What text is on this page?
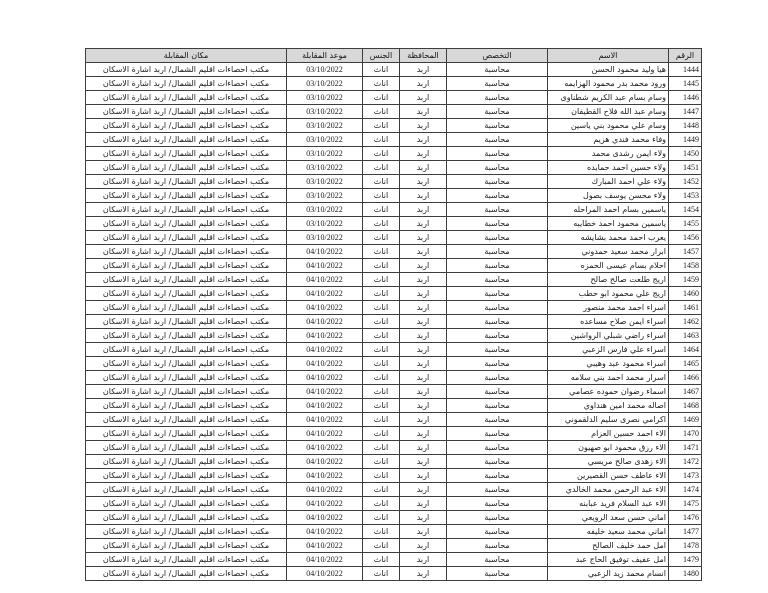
الرقم	الاسم	التخصص	المحافظة	الجنس	موعد المقابلة	مكان المقابلة
1444	هيا وليد محمود الحسن	محاسبة	اربد	اناث	03/10/2022	مكتب احصاءات اقليم الشمال/ اربد اشارة الاسكان
1445	ورود محمد بدر محمود الهزايمه	محاسبة	اربد	اناث	03/10/2022	مكتب احصاءات اقليم الشمال/ اربد اشارة الاسكان
1446	وسام بسام عبد الكريم شطناوى	محاسبة	اربد	اناث	03/10/2022	مكتب احصاءات اقليم الشمال/ اربد اشارة الاسكان
1447	وسام عبد الله فلاح القطيفان	محاسبة	اربد	اناث	03/10/2022	مكتب احصاءات اقليم الشمال/ اربد اشارة الاسكان
1448	وسام علي محمود بني ياسين	محاسبة	اربد	اناث	03/10/2022	مكتب احصاءات اقليم الشمال/ اربد اشارة الاسكان
1449	وفاء محمد فندي هزيم	محاسبة	اربد	اناث	03/10/2022	مكتب احصاءات اقليم الشمال/ اربد اشارة الاسكان
1450	ولاء ايمن رشدى محمد	محاسبة	اربد	اناث	03/10/2022	مكتب احصاءات اقليم الشمال/ اربد اشارة الاسكان
1451	ولاء حسين احمد حمايده	محاسبة	اربد	اناث	03/10/2022	مكتب احصاءات اقليم الشمال/ اربد اشارة الاسكان
1452	ولاء علي احمد المبارك	محاسبة	اربد	اناث	03/10/2022	مكتب احصاءات اقليم الشمال/ اربد اشارة الاسكان
1453	ولاء محسن يوسف بصول	محاسبة	اربد	اناث	03/10/2022	مكتب احصاءات اقليم الشمال/ اربد اشارة الاسكان
1454	ياسمين بسام احمد المراحله	محاسبة	اربد	اناث	03/10/2022	مكتب احصاءات اقليم الشمال/ اربد اشارة الاسكان
1455	ياسمين محمود احمد خطايبه	محاسبة	اربد	اناث	03/10/2022	مكتب احصاءات اقليم الشمال/ اربد اشارة الاسكان
1456	يعرب احمد محمد بشايشه	محاسبة	اربد	اناث	03/10/2022	مكتب احصاءات اقليم الشمال/ اربد اشارة الاسكان
1457	ابرار محمد سعيد حمدوني	محاسبة	اربد	اناث	04/10/2022	مكتب احصاءات اقليم الشمال/ اربد اشارة الاسكان
1458	احلام بسام عيسى الحمزه	محاسبة	اربد	اناث	04/10/2022	مكتب احصاءات اقليم الشمال/ اربد اشارة الاسكان
1459	اريج طلعت صالح صالح	محاسبة	اربد	اناث	04/10/2022	مكتب احصاءات اقليم الشمال/ اربد اشارة الاسكان
1460	اريج علي محمود ابو حطب	محاسبة	اربد	اناث	04/10/2022	مكتب احصاءات اقليم الشمال/ اربد اشارة الاسكان
1461	اسراء احمد محمد منصور	محاسبة	اربد	اناث	04/10/2022	مكتب احصاءات اقليم الشمال/ اربد اشارة الاسكان
1462	اسراء ايمن صلاح مساعده	محاسبة	اربد	اناث	04/10/2022	مكتب احصاءات اقليم الشمال/ اربد اشارة الاسكان
1463	اسراء راضي شبلي الرواشين	محاسبة	اربد	اناث	04/10/2022	مكتب احصاءات اقليم الشمال/ اربد اشارة الاسكان
1464	اسراء علي فارس الزعبي	محاسبة	اربد	اناث	04/10/2022	مكتب احصاءات اقليم الشمال/ اربد اشارة الاسكان
1465	اسراء محمود عبد وهيبي	محاسبة	اربد	اناث	04/10/2022	مكتب احصاءات اقليم الشمال/ اربد اشارة الاسكان
1466	اسرار محمد احمد بني سلامه	محاسبة	اربد	اناث	04/10/2022	مكتب احصاءات اقليم الشمال/ اربد اشارة الاسكان
1467	اسماء رضوان حموده عصامي	محاسبة	اربد	اناث	04/10/2022	مكتب احصاءات اقليم الشمال/ اربد اشارة الاسكان
1468	اصاله محمد امين هنداوي	محاسبة	اربد	اناث	04/10/2022	مكتب احصاءات اقليم الشمال/ اربد اشارة الاسكان
1469	اكرامي نصرى سليم الدلقموني	محاسبة	اربد	اناث	04/10/2022	مكتب احصاءات اقليم الشمال/ اربد اشارة الاسكان
1470	الاء احمد حسين العزام	محاسبة	اربد	اناث	04/10/2022	مكتب احصاءات اقليم الشمال/ اربد اشارة الاسكان
1471	الاء رزق محمود ابو صهيون	محاسبة	اربد	اناث	04/10/2022	مكتب احصاءات اقليم الشمال/ اربد اشارة الاسكان
1472	الاء زهدى صالح مريسي	محاسبة	اربد	اناث	04/10/2022	مكتب احصاءات اقليم الشمال/ اربد اشارة الاسكان
1473	الاء عاطف حسن القصيرين	محاسبة	اربد	اناث	04/10/2022	مكتب احصاءات اقليم الشمال/ اربد اشارة الاسكان
1474	الاء عبد الرحمن محمد الخالدي	محاسبة	اربد	اناث	04/10/2022	مكتب احصاءات اقليم الشمال/ اربد اشارة الاسكان
1475	الاء عبد السلام فريد عبابنه	محاسبة	اربد	اناث	04/10/2022	مكتب احصاءات اقليم الشمال/ اربد اشارة الاسكان
1476	اماني حسن سعد الرويعي	محاسبة	اربد	اناث	04/10/2022	مكتب احصاءات اقليم الشمال/ اربد اشارة الاسكان
1477	اماني محمد سعيد خليفه	محاسبة	اربد	اناث	04/10/2022	مكتب احصاءات اقليم الشمال/ اربد اشارة الاسكان
1478	امل حمد خليف الصالح	محاسبة	اربد	اناث	04/10/2022	مكتب احصاءات اقليم الشمال/ اربد اشارة الاسكان
1479	امل عفيف توفيق الحاج عبد	محاسبة	اربد	اناث	04/10/2022	مكتب احصاءات اقليم الشمال/ اربد اشارة الاسكان
1480	انسام محمد زيد الزعبي	محاسبة	اربد	اناث	04/10/2022	مكتب احصاءات اقليم الشمال/ اربد اشارة الاسكان
